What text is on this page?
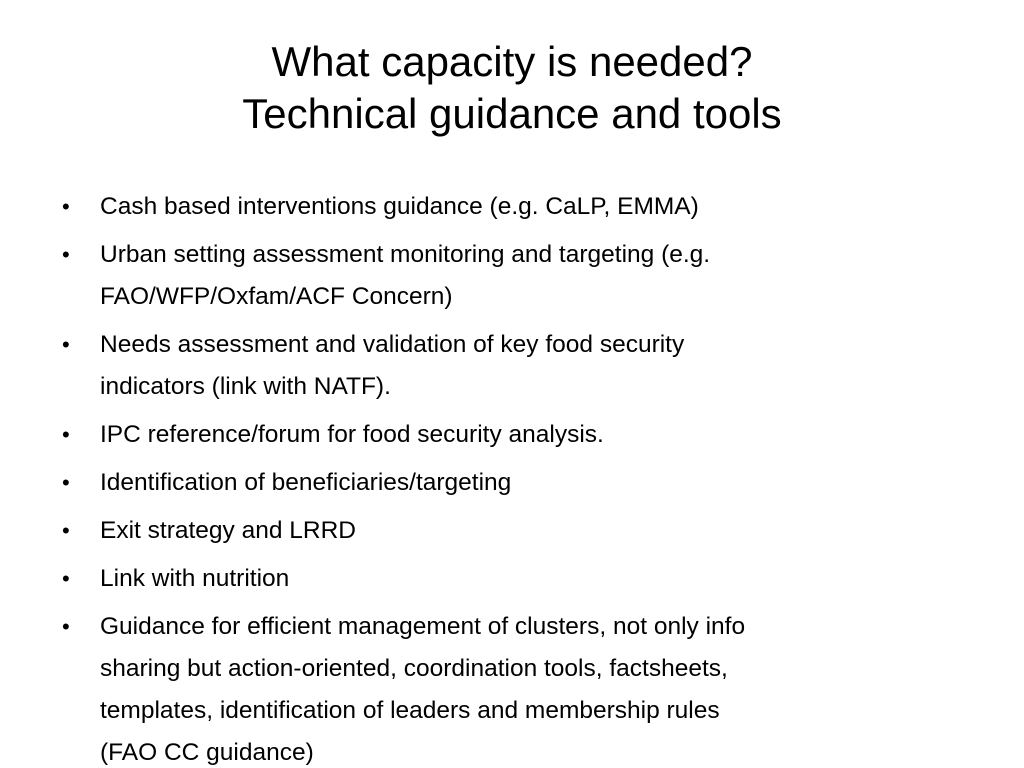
What capacity is needed?
Technical guidance and tools
• Cash based interventions guidance (e.g. CaLP, EMMA)
• Urban setting assessment monitoring and targeting (e.g.
FAO/WFP/Oxfam/ACF Concern)
• Needs assessment and validation of key food security
indicators (link with NATF).
• IPC reference/forum for food security analysis.
• Identification of beneficiaries/targeting
• Exit strategy and LRRD
• Link with nutrition
• Guidance for efficient management of clusters, not only info
sharing but action-oriented, coordination tools, factsheets,
templates, identification of leaders and membership rules
(FAO CC guidance)
